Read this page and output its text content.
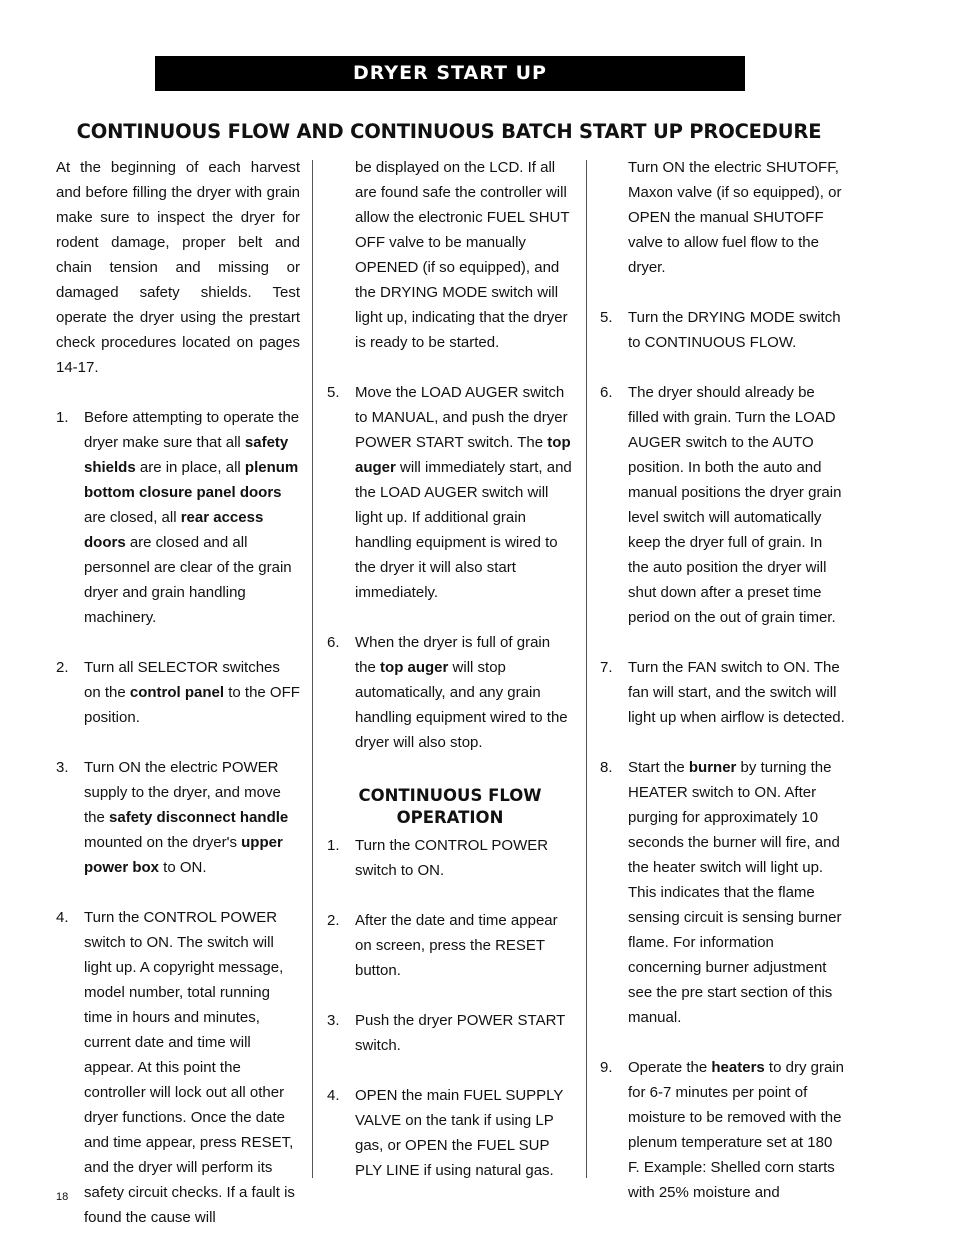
DRYER START UP
CONTINUOUS FLOW AND CONTINUOUS BATCH START UP PROCEDURE

At the beginning of each harvest and before filling the dryer with grain make sure to inspect the dryer for rodent damage, proper belt and chain tension and missing or damaged safety shields. Test operate the dryer using the prestart check procedures located on pages 14-17.

1.	Before attempting to operate the dryer make sure that all safety shields are in place, all plenum bottom closure panel doors are closed, all rear access doors are closed and all personnel are clear of the grain dryer and grain handling machinery.
2.	Turn all SELECTOR switches on the control panel to the OFF position.
3.	Turn ON the electric POWER supply to the dryer, and move the safety disconnect handle mounted on the dryer's upper power box to ON.
4.	Turn the CONTROL POWER switch to ON. The switch will light up. A copyright message, model number, total running time in hours and minutes, current date and time will appear. At this point the controller will lock out all other dryer functions. Once the date and time appear, press RESET, and the dryer will perform its safety circuit checks. If a fault is found the cause will
be displayed on the LCD. If all are found safe the controller will allow the electronic FUEL SHUT OFF valve to be manually OPENED (if so equipped), and the DRYING MODE switch will light up, indicating that the dryer is ready to be started.
5.	Move the LOAD AUGER switch to MANUAL, and push the dryer POWER START switch. The top auger will immediately start, and the LOAD AUGER switch will light up. If additional grain handling equipment is wired to the dryer it will also start immediately.
6.	When the dryer is full of grain the top auger will stop automatically, and any grain handling equipment wired to the dryer will also stop.
CONTINUOUS FLOW
OPERATION
1.	Turn the CONTROL POWER switch to ON.
2.	After the date and time appear on screen, press the RESET button.
3.	Push the dryer POWER START switch.
4.	OPEN the main FUEL SUPPLY VALVE on the tank if using LP gas, or OPEN the FUEL SUP PLY LINE if using natural gas.
Turn ON the electric SHUTOFF, Maxon valve (if so equipped), or OPEN the manual SHUTOFF valve to allow fuel flow to the dryer.
5.	Turn the DRYING MODE switch to CONTINUOUS FLOW.
6.	The dryer should already be filled with grain. Turn the LOAD AUGER switch to the AUTO position. In both the auto and manual positions the dryer grain level switch will automatically keep the dryer full of grain. In the auto position the dryer will shut down after a preset time period on the out of grain timer.
7.	Turn the FAN switch to ON. The fan will start, and the switch will light up when airflow is detected.
8.	Start the burner by turning the HEATER switch to ON. After purging for approximately 10 seconds the burner will fire, and the heater switch will light up. This indicates that the flame sensing circuit is sensing burner flame. For information concerning burner adjustment see the pre start section of this manual.
9.	Operate the heaters to dry grain for 6-7 minutes per point of moisture to be removed with the plenum temperature set at 180 F. Example: Shelled corn starts with 25% moisture and
18
